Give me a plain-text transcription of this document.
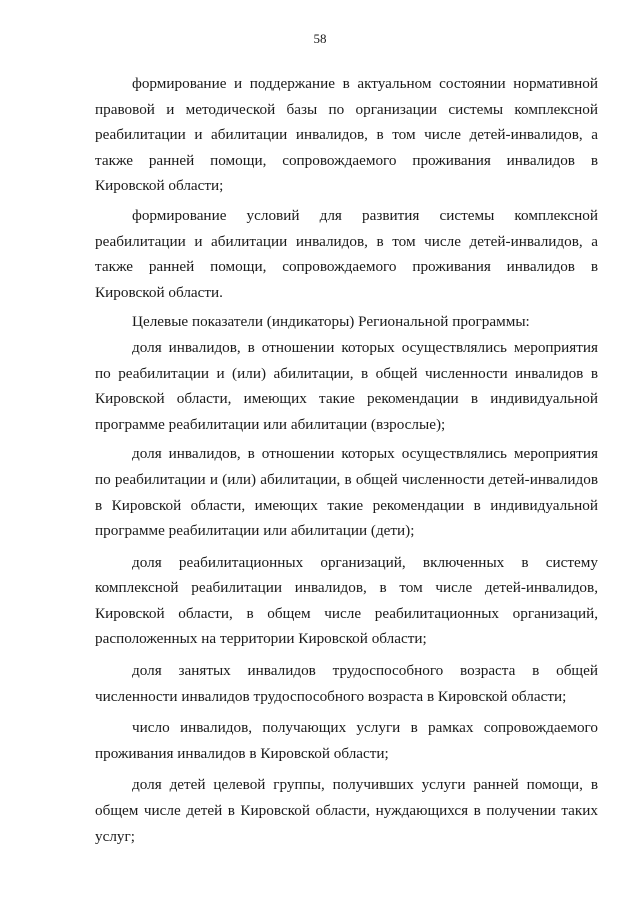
58

формирование и поддержание в актуальном состоянии нормативной правовой и методической базы по организации системы комплексной реабилитации и абилитации инвалидов, в том числе детей-инвалидов, а также ранней помощи, сопровождаемого проживания инвалидов в Кировской области;

формирование условий для развития системы комплексной реабилитации и абилитации инвалидов, в том числе детей-инвалидов, а также ранней помощи, сопровождаемого проживания инвалидов в Кировской области.

Целевые показатели (индикаторы) Региональной программы:

доля инвалидов, в отношении которых осуществлялись мероприятия по реабилитации и (или) абилитации, в общей численности инвалидов в Кировской области, имеющих такие рекомендации в индивидуальной программе реабилитации или абилитации (взрослые);

доля инвалидов, в отношении которых осуществлялись мероприятия по реабилитации и (или) абилитации, в общей численности детей-инвалидов в Кировской области, имеющих такие рекомендации в индивидуальной программе реабилитации или абилитации (дети);

доля реабилитационных организаций, включенных в систему комплексной реабилитации инвалидов, в том числе детей-инвалидов, Кировской области, в общем числе реабилитационных организаций, расположенных на территории Кировской области;

доля занятых инвалидов трудоспособного возраста в общей численности инвалидов трудоспособного возраста в Кировской области;

число инвалидов, получающих услуги в рамках сопровождаемого проживания инвалидов в Кировской области;

доля детей целевой группы, получивших услуги ранней помощи, в общем числе детей в Кировской области, нуждающихся в получении таких услуг;
